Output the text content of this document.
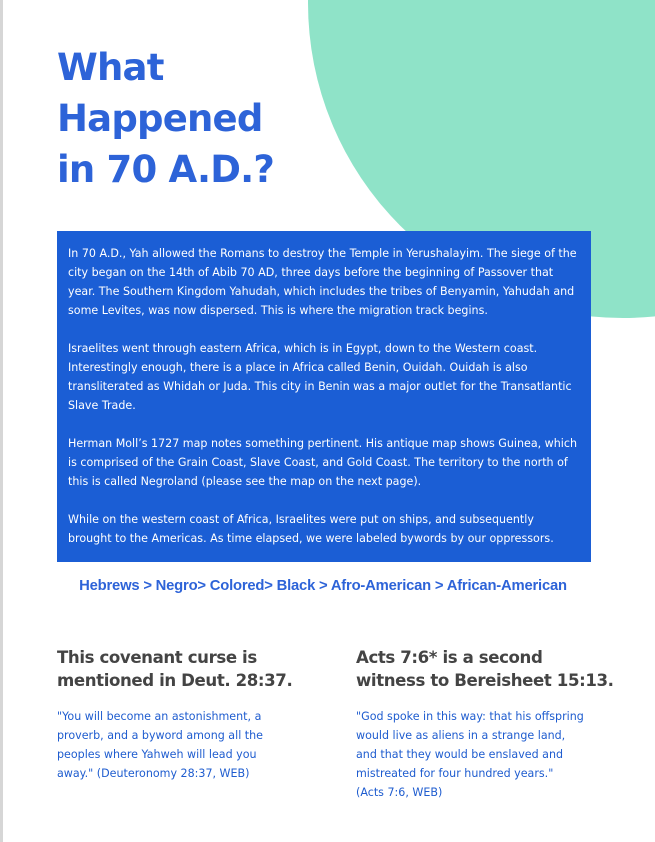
What
Happened
in 70 A.D.?

In 70 A.D., Yah allowed the Romans to destroy the Temple in Yerushalayim. The siege of the city began on the 14th of Abib 70 AD, three days before the beginning of Passover that year. The Southern Kingdom Yahudah, which includes the tribes of Benyamin, Yahudah and some Levites, was now dispersed. This is where the migration track begins.

Israelites went through eastern Africa, which is in Egypt, down to the Western coast. Interestingly enough, there is a place in Africa called Benin, Ouidah. Ouidah is also transliterated as Whidah or Juda. This city in Benin was a major outlet for the Transatlantic Slave Trade.

Herman Moll’s 1727 map notes something pertinent. His antique map shows Guinea, which is comprised of the Grain Coast, Slave Coast, and Gold Coast. The territory to the north of this is called Negroland (please see the map on the next page).

While on the western coast of Africa, Israelites were put on ships, and subsequently brought to the Americas. As time elapsed, we were labeled bywords by our oppressors.

Hebrews > Negro> Colored> Black > Afro-American > African-American
This covenant curse is
mentioned in Deut. 28:37.
"You will become an astonishment, a
proverb, and a byword among all the
peoples where Yahweh will lead you
away." (Deuteronomy 28:37, WEB)
Acts 7:6* is a second
witness to Bereisheet 15:13.
"God spoke in this way: that his offspring
would live as aliens in a strange land,
and that they would be enslaved and
mistreated for four hundred years."
(Acts 7:6, WEB)
